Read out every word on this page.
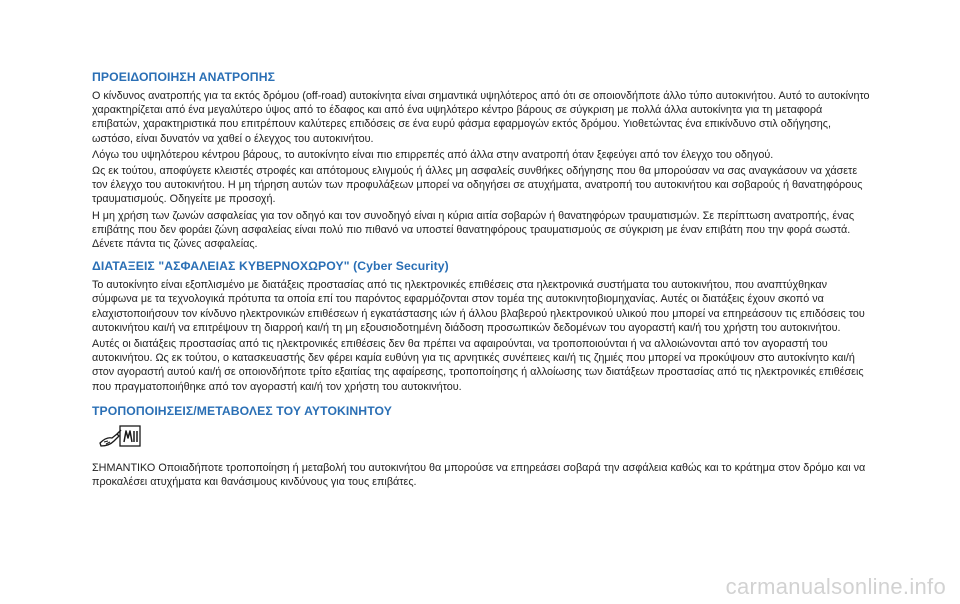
ΠΡΟΕΙΔΟΠΟΙΗΣΗ ΑΝΑΤΡΟΠΗΣ

Ο κίνδυνος ανατροπής για τα εκτός δρόμου (off-road) αυτοκίνητα είναι σημαντικά υψηλότερος από ότι σε οποιονδήποτε άλλο τύπο αυτοκινήτου. Αυτό το αυτοκίνητο χαρακτηρίζεται από ένα μεγαλύτερο ύψος από το έδαφος και από ένα υψηλότερο κέντρο βάρους σε σύγκριση με πολλά άλλα αυτοκίνητα για τη μεταφορά επιβατών, χαρακτηριστικά που επιτρέπουν καλύτερες επιδόσεις σε ένα ευρύ φάσμα εφαρμογών εκτός δρόμου. Υιοθετώντας ένα επικίνδυνο στιλ οδήγησης, ωστόσο, είναι δυνατόν να χαθεί ο έλεγχος του αυτοκινήτου.

Λόγω του υψηλότερου κέντρου βάρους, το αυτοκίνητο είναι πιο επιρρεπές από άλλα στην ανατροπή όταν ξεφεύγει από τον έλεγχο του οδηγού.

Ως εκ τούτου, αποφύγετε κλειστές στροφές και απότομους ελιγμούς ή άλλες μη ασφαλείς συνθήκες οδήγησης που θα μπορούσαν να σας αναγκάσουν να χάσετε τον έλεγχο του αυτοκινήτου. Η μη τήρηση αυτών των προφυλάξεων μπορεί να οδηγήσει σε ατυχήματα, ανατροπή του αυτοκινήτου και σοβαρούς ή θανατηφόρους τραυματισμούς. Οδηγείτε με προσοχή.

Η μη χρήση των ζωνών ασφαλείας για τον οδηγό και τον συνοδηγό είναι η κύρια αιτία σοβαρών ή θανατηφόρων τραυματισμών. Σε περίπτωση ανατροπής, ένας επιβάτης που δεν φοράει ζώνη ασφαλείας είναι πολύ πιο πιθανό να υποστεί θανατηφόρους τραυματισμούς σε σύγκριση με έναν επιβάτη που την φορά σωστά. Δένετε πάντα τις ζώνες ασφαλείας.

ΔΙΑΤΑΞΕΙΣ "ΑΣΦΑΛΕΙΑΣ ΚΥΒΕΡΝΟΧΩΡΟΥ" (Cyber Security)

Το αυτοκίνητο είναι εξοπλισμένο με διατάξεις προστασίας από τις ηλεκτρονικές επιθέσεις στα ηλεκτρονικά συστήματα του αυτοκινήτου, που αναπτύχθηκαν σύμφωνα με τα τεχνολογικά πρότυπα τα οποία επί του παρόντος εφαρμόζονται στον τομέα της αυτοκινητοβιομηχανίας. Αυτές οι διατάξεις έχουν σκοπό να ελαχιστοποιήσουν τον κίνδυνο ηλεκτρονικών επιθέσεων ή εγκατάστασης ιών ή άλλου βλαβερού ηλεκτρονικού υλικού που μπορεί να επηρεάσουν τις επιδόσεις του αυτοκινήτου και/ή να επιτρέψουν τη διαρροή και/ή τη μη εξουσιοδοτημένη διάδοση προσωπικών δεδομένων του αγοραστή και/ή του χρήστη του αυτοκινήτου.

Αυτές οι διατάξεις προστασίας από τις ηλεκτρονικές επιθέσεις δεν θα πρέπει να αφαιρούνται, να τροποποιούνται ή να αλλοιώνονται από τον αγοραστή του αυτοκινήτου. Ως εκ τούτου, ο κατασκευαστής δεν φέρει καμία ευθύνη για τις αρνητικές συνέπειες και/ή τις ζημιές που μπορεί να προκύψουν στο αυτοκίνητο και/ή στον αγοραστή αυτού και/ή σε οποιονδήποτε τρίτο εξαιτίας της αφαίρεσης, τροποποίησης ή αλλοίωσης των διατάξεων προστασίας από τις ηλεκτρονικές επιθέσεις που πραγματοποιήθηκε από τον αγοραστή και/ή τον χρήστη του αυτοκινήτου.

ΤΡΟΠΟΠΟΙΗΣΕΙΣ/ΜΕΤΑΒΟΛΕΣ ΤΟΥ ΑΥΤΟΚΙΝΗΤΟΥ

ΣΗΜΑΝΤΙΚΟ Οποιαδήποτε τροποποίηση ή μεταβολή του αυτοκινήτου θα μπορούσε να επηρεάσει σοβαρά την ασφάλεια καθώς και το κράτημα στον δρόμο και να προκαλέσει ατυχήματα και θανάσιμους κινδύνους για τους επιβάτες.

carmanualsonline.info
